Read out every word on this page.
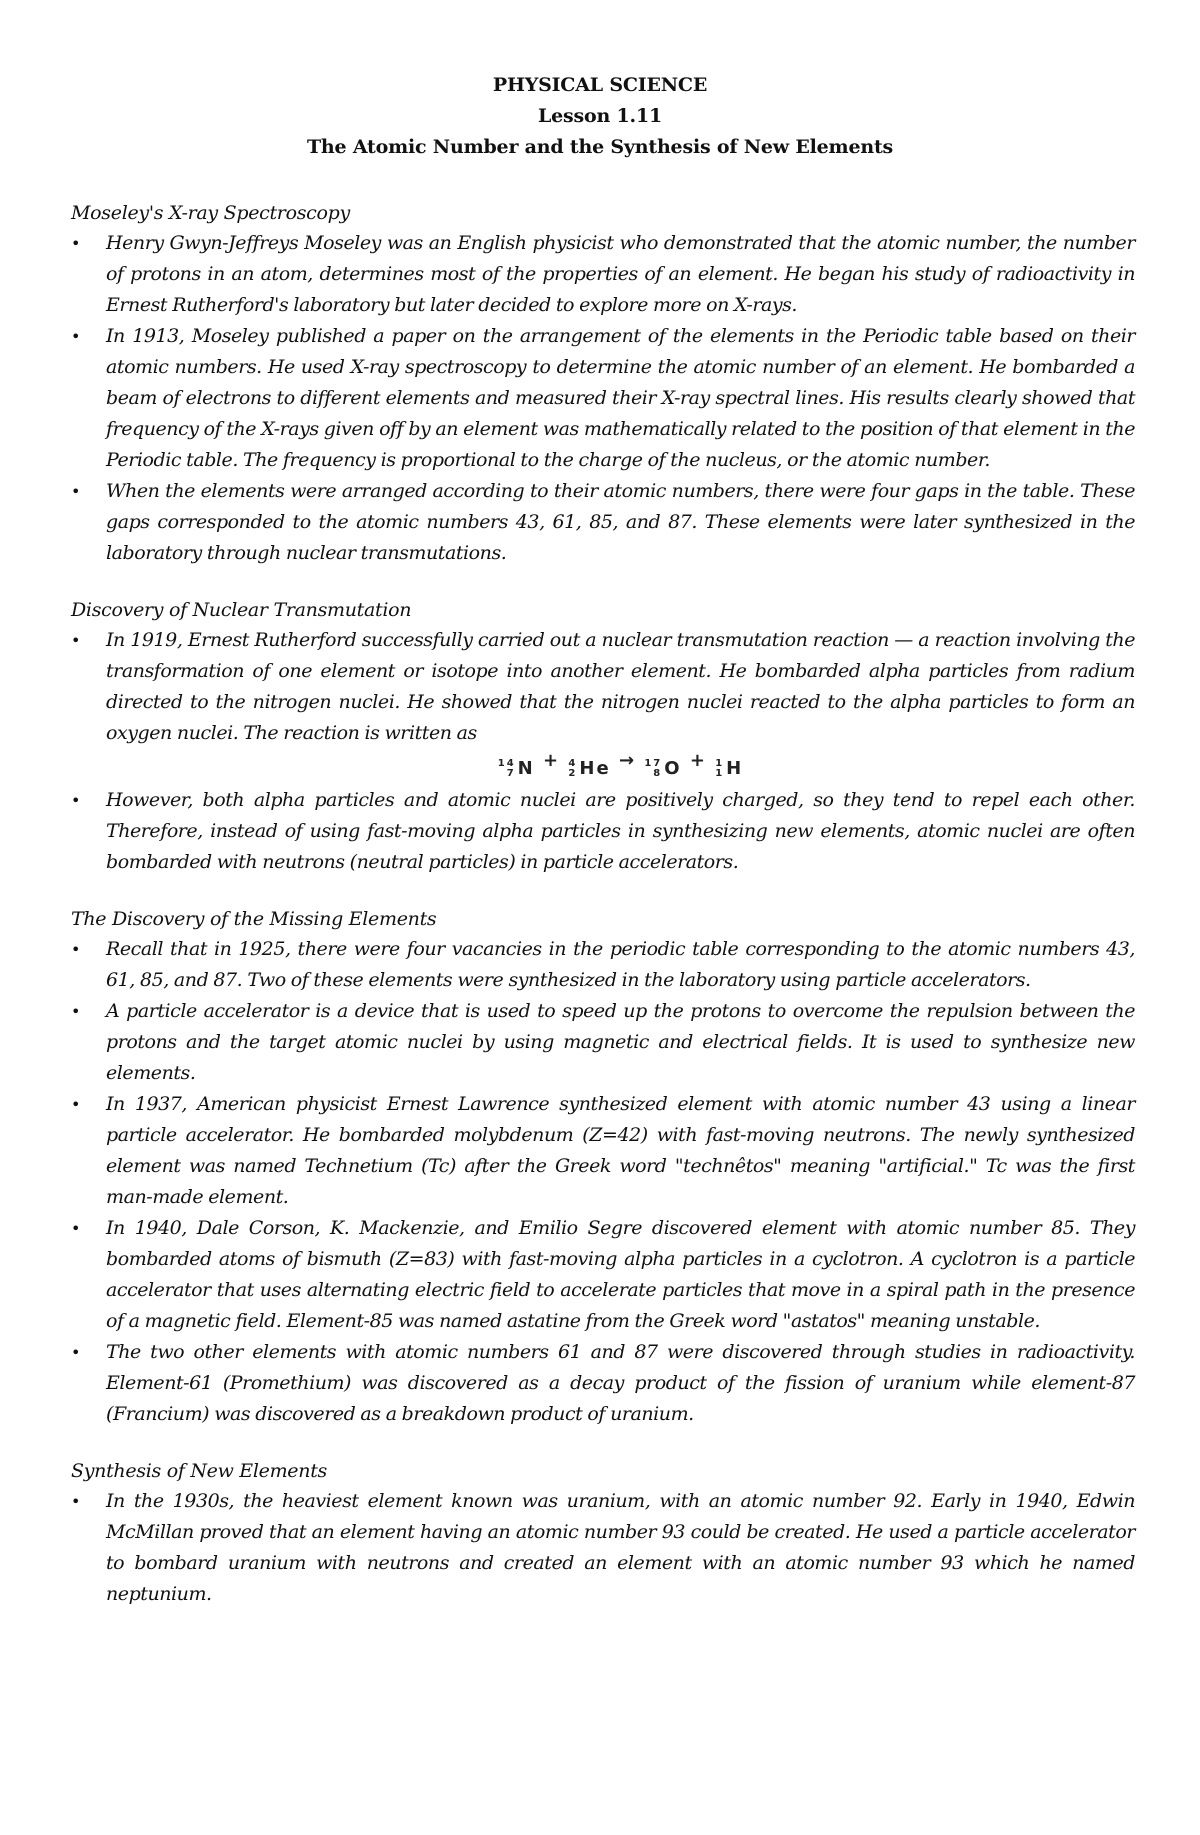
PHYSICAL SCIENCE
Lesson 1.11
The Atomic Number and the Synthesis of New Elements
Moseley's X-ray Spectroscopy
• Henry Gwyn-Jeffreys Moseley was an English physicist who demonstrated that the atomic number, the number of protons in an atom, determines most of the properties of an element. He began his study of radioactivity in Ernest Rutherford's laboratory but later decided to explore more on X-rays.
• In 1913, Moseley published a paper on the arrangement of the elements in the Periodic table based on their atomic numbers. He used X-ray spectroscopy to determine the atomic number of an element. He bombarded a beam of electrons to different elements and measured their X-ray spectral lines. His results clearly showed that frequency of the X-rays given off by an element was mathematically related to the position of that element in the Periodic table. The frequency is proportional to the charge of the nucleus, or the atomic number.
• When the elements were arranged according to their atomic numbers, there were four gaps in the table. These gaps corresponded to the atomic numbers 43, 61, 85, and 87. These elements were later synthesized in the laboratory through nuclear transmutations.
Discovery of Nuclear Transmutation
• In 1919, Ernest Rutherford successfully carried out a nuclear transmutation reaction — a reaction involving the transformation of one element or isotope into another element. He bombarded alpha particles from radium directed to the nitrogen nuclei. He showed that the nitrogen nuclei reacted to the alpha particles to form an oxygen nuclei. The reaction is written as
14
7 N + 4
2 He → 17
8 O + 1
1 H
• However, both alpha particles and atomic nuclei are positively charged, so they tend to repel each other. Therefore, instead of using fast-moving alpha particles in synthesizing new elements, atomic nuclei are often bombarded with neutrons (neutral particles) in particle accelerators.
The Discovery of the Missing Elements
• Recall that in 1925, there were four vacancies in the periodic table corresponding to the atomic numbers 43, 61, 85, and 87. Two of these elements were synthesized in the laboratory using particle accelerators.
• A particle accelerator is a device that is used to speed up the protons to overcome the repulsion between the protons and the target atomic nuclei by using magnetic and electrical fields. It is used to synthesize new elements.
• In 1937, American physicist Ernest Lawrence synthesized element with atomic number 43 using a linear particle accelerator. He bombarded molybdenum (Z=42) with fast-moving neutrons. The newly synthesized element was named Technetium (Tc) after the Greek word "technêtos" meaning "artificial." Tc was the first man-made element.
• In 1940, Dale Corson, K. Mackenzie, and Emilio Segre discovered element with atomic number 85. They bombarded atoms of bismuth (Z=83) with fast-moving alpha particles in a cyclotron. A cyclotron is a particle accelerator that uses alternating electric field to accelerate particles that move in a spiral path in the presence of a magnetic field. Element-85 was named astatine from the Greek word "astatos" meaning unstable.
• The two other elements with atomic numbers 61 and 87 were discovered through studies in radioactivity. Element-61 (Promethium) was discovered as a decay product of the fission of uranium while element-87 (Francium) was discovered as a breakdown product of uranium.
Synthesis of New Elements
• In the 1930s, the heaviest element known was uranium, with an atomic number 92. Early in 1940, Edwin McMillan proved that an element having an atomic number 93 could be created. He used a particle accelerator to bombard uranium with neutrons and created an element with an atomic number 93 which he named neptunium.
